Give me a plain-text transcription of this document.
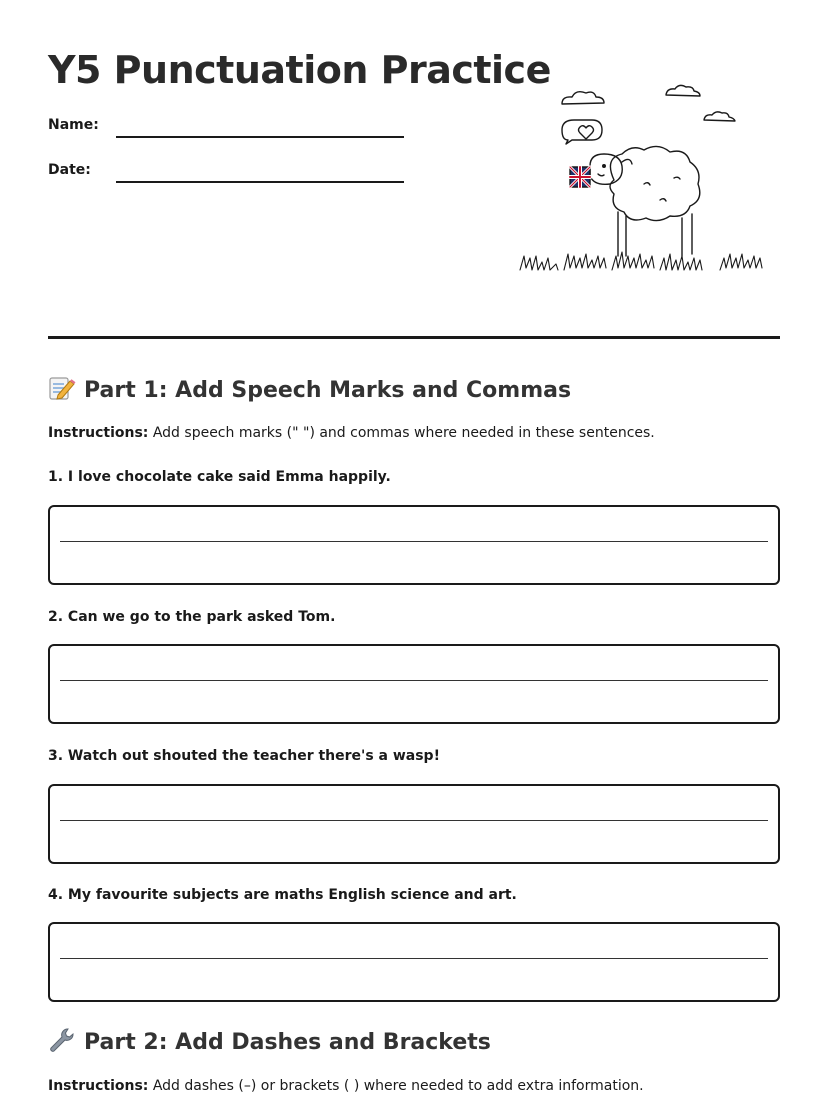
Y5 Punctuation Practice
Name:
Date:
Part 1: Add Speech Marks and Commas
Instructions: Add speech marks (" ") and commas where needed in these sentences.
1. I love chocolate cake said Emma happily.
2. Can we go to the park asked Tom.
3. Watch out shouted the teacher there's a wasp!
4. My favourite subjects are maths English science and art.
Part 2: Add Dashes and Brackets
Instructions: Add dashes (–) or brackets ( ) where needed to add extra information.
